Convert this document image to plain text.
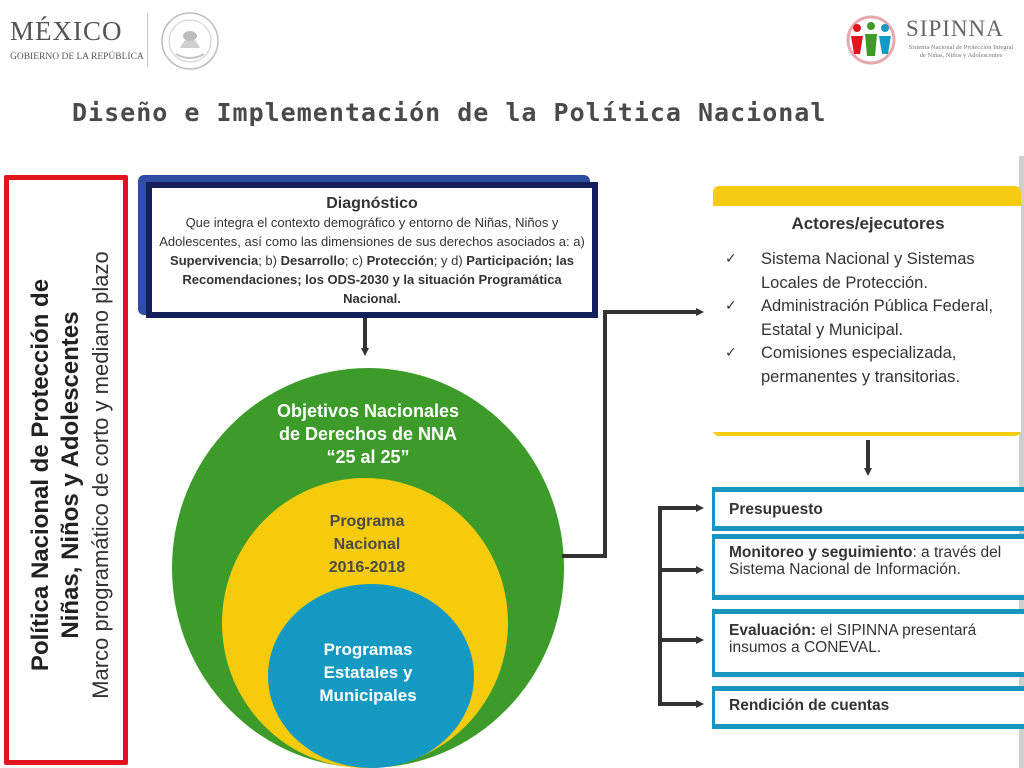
MÉXICO
GOBIERNO DE LA REPÚBLICA
SIPINNA
Sistema Nacional de Protección Integral de Niñas, Niños y Adolescentes
Diseño e Implementación de la Política Nacional
Política Nacional de Protección de Niñas, Niños y Adolescentes Marco programático de corto y mediano plazo
Diagnóstico
Que integra el contexto demográfico y entorno de Niñas, Niños y Adolescentes, así como las dimensiones de sus derechos asociados a: a) Supervivencia; b) Desarrollo; c) Protección; y d) Participación; las Recomendaciones; los ODS-2030 y la situación Programática Nacional.
Objetivos Nacionales
de Derechos de NNA
“25 al 25”
Programa
Nacional
2016-2018
Programas
Estatales y
Municipales
Actores/ejecutores
✓ Sistema Nacional y Sistemas Locales de Protección.
✓ Administración Pública Federal, Estatal y Municipal.
✓ Comisiones especializada, permanentes y transitorias.
Presupuesto
Monitoreo y seguimiento: a través del Sistema Nacional de Información.
Evaluación: el SIPINNA presentará insumos a CONEVAL.
Rendición de cuentas
